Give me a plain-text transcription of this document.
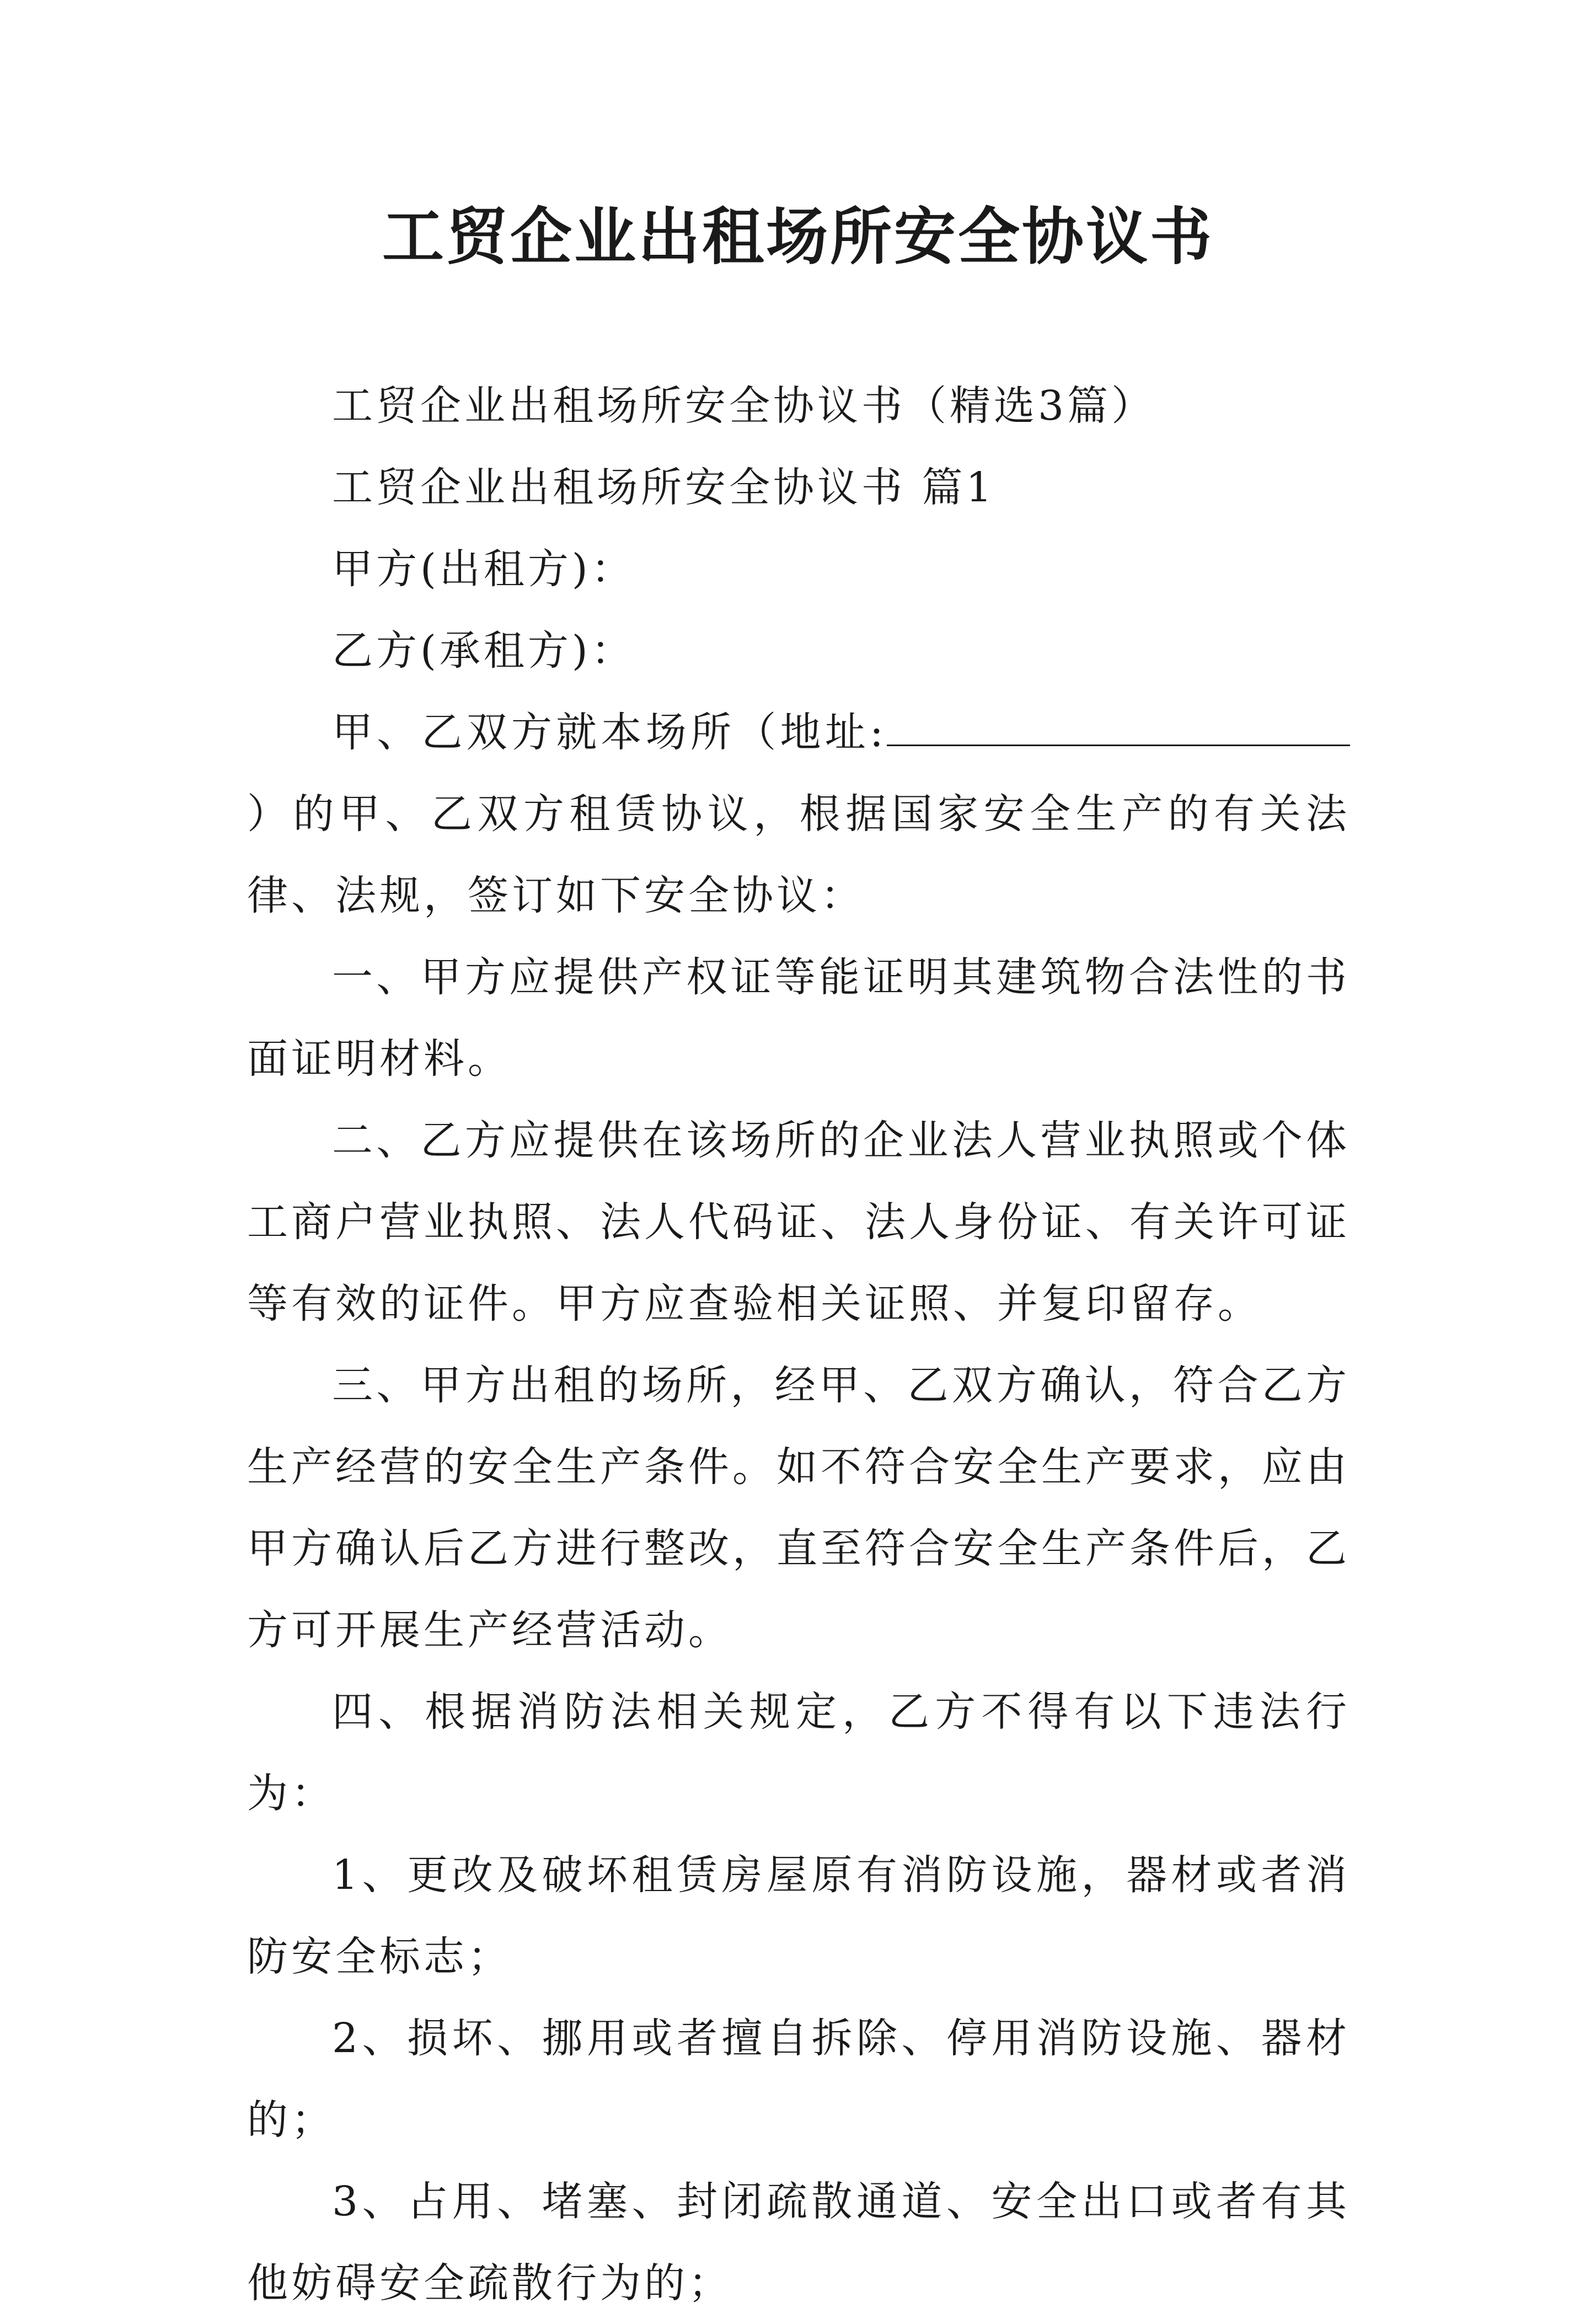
工贸企业出租场所安全协议书

工贸企业出租场所安全协议书（精选3篇）

工贸企业出租场所安全协议书 篇1

甲方(出租方)：

乙方(承租方)：

甲、乙双方就本场所（地址:）的甲、乙双方租赁协议，根据国家安全生产的有关法律、法规，签订如下安全协议：

一、甲方应提供产权证等能证明其建筑物合法性的书面证明材料。

二、乙方应提供在该场所的企业法人营业执照或个体工商户营业执照、法人代码证、法人身份证、有关许可证等有效的证件。甲方应查验相关证照、并复印留存。

三、甲方出租的场所，经甲、乙双方确认，符合乙方生产经营的安全生产条件。如不符合安全生产要求，应由甲方确认后乙方进行整改，直至符合安全生产条件后，乙方可开展生产经营活动。

四、根据消防法相关规定，乙方不得有以下违法行为：

1、更改及破坏租赁房屋原有消防设施，器材或者消防安全标志；

2、损坏、挪用或者擅自拆除、停用消防设施、器材的；

3、占用、堵塞、封闭疏散通道、安全出口或者有其他妨碍安全疏散行为的；
